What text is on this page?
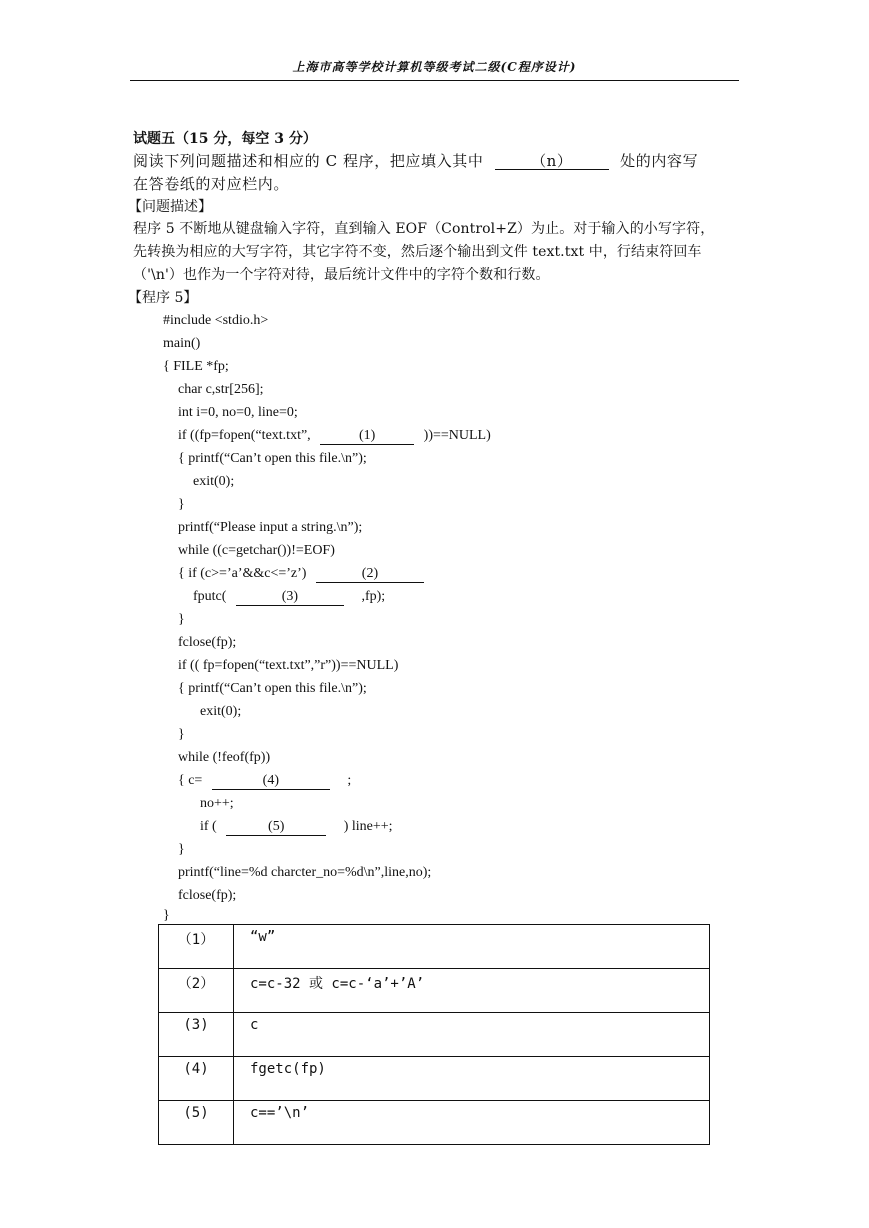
上海市高等学校计算机等级考试二级(C程序设计)
试题五（15 分，每空 3 分）
阅读下列问题描述和相应的 C 程序，把应填入其中	（n）	处的内容写
在答卷纸的对应栏内。
【问题描述】
程序 5 不断地从键盘输入字符，直到输入 EOF（Control+Z）为止。对于输入的小写字符，
先转换为相应的大写字符，其它字符不变，然后逐个输出到文件 text.txt 中，行结束符回车
（'\n'）也作为一个字符对待，最后统计文件中的字符个数和行数。
【程序 5】
#include <stdio.h>
main()
{ FILE *fp;
char c,str[256];
int i=0, no=0, line=0;
if ((fp=fopen(“text.txt”,	(1)	))==NULL)
{ printf(“Can’t open this file.\n”);
exit(0);
}
printf(“Please input a string.\n”);
while ((c=getchar())!=EOF)
{ if (c>=’a’&&c<=’z’)	(2)
fputc(	(3)	,fp);
}
fclose(fp);
if (( fp=fopen(“text.txt”,”r”))==NULL)
{ printf(“Can’t open this file.\n”);
exit(0);
}
while (!feof(fp))
{ c=	(4)	;
no++;
if (	(5)	) line++;
}
printf(“line=%d charcter_no=%d\n”,line,no);
fclose(fp);
}
（1）	“w”
（2）	c=c-32 或 c=c-‘a’+’A’
(3)	c
(4)	fgetc(fp)
(5)	c==’\n’
